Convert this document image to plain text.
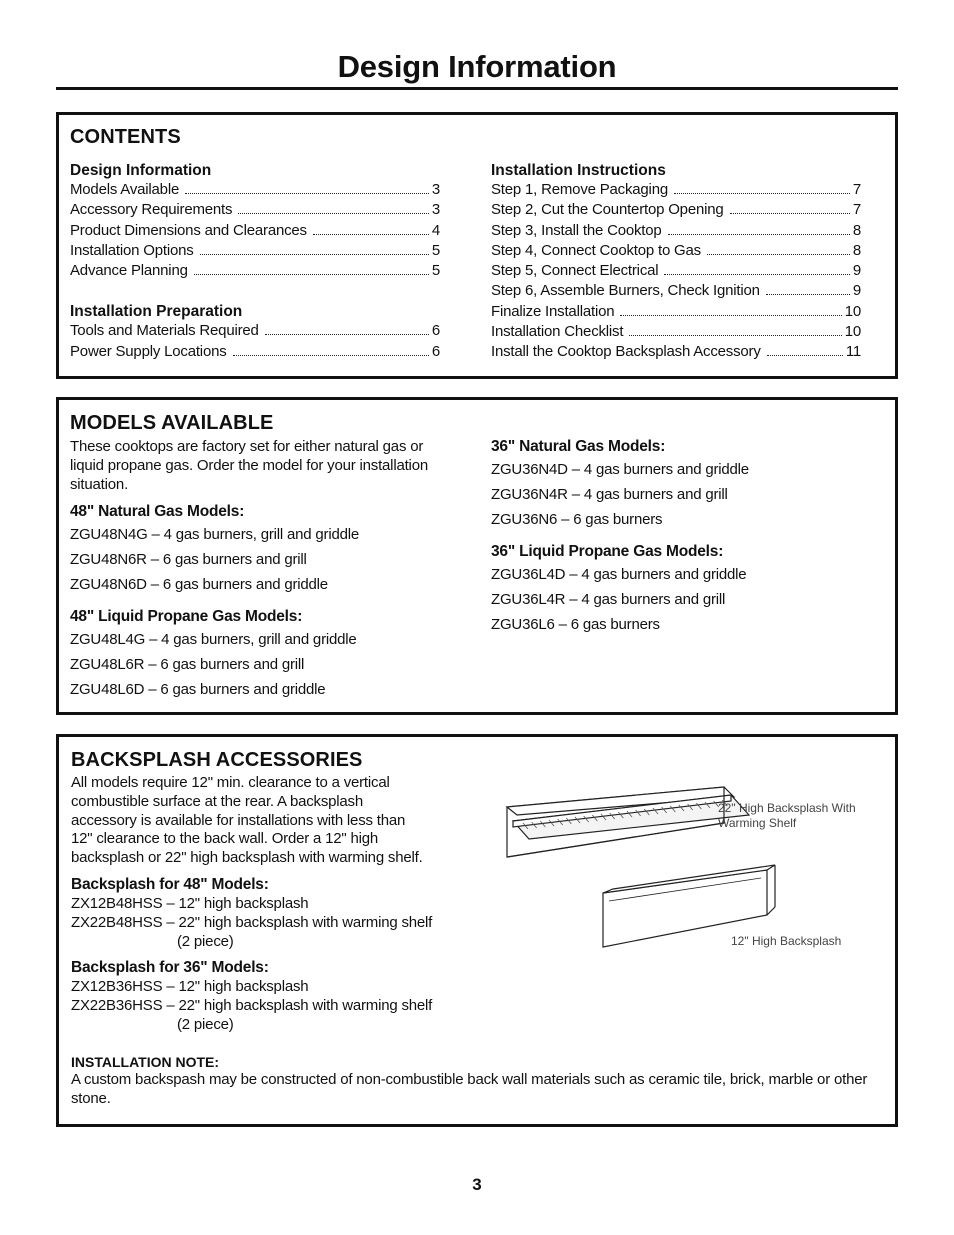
Design Information
CONTENTS
Design Information
Models Available	3
Accessory Requirements	3
Product Dimensions and Clearances	4
Installation Options	5
Advance Planning	5
Installation Preparation
Tools and Materials Required	6
Power Supply Locations	6
Installation Instructions
Step 1, Remove Packaging	7
Step 2, Cut the Countertop Opening	7
Step 3, Install the Cooktop	8
Step 4, Connect Cooktop to Gas	8
Step 5, Connect Electrical	9
Step 6, Assemble Burners, Check Ignition	9
Finalize Installation	10
Installation Checklist	10
Install the Cooktop Backsplash Accessory	11
MODELS AVAILABLE
These cooktops are factory set for either natural gas or liquid propane gas. Order the model for your installation situation.
48" Natural Gas Models:
ZGU48N4G – 4 gas burners, grill and griddle
ZGU48N6R – 6 gas burners and grill
ZGU48N6D – 6 gas burners and griddle
48" Liquid Propane Gas Models:
ZGU48L4G – 4 gas burners, grill and griddle
ZGU48L6R – 6 gas burners and grill
ZGU48L6D – 6 gas burners and griddle
36" Natural Gas Models:
ZGU36N4D – 4 gas burners and griddle
ZGU36N4R – 4 gas burners and grill
ZGU36N6 – 6 gas burners
36" Liquid Propane Gas Models:
ZGU36L4D – 4 gas burners and griddle
ZGU36L4R – 4 gas burners and grill
ZGU36L6 – 6 gas burners
BACKSPLASH ACCESSORIES
All models require 12" min. clearance to a vertical
combustible surface at the rear. A backsplash
accessory is available for installations with less than
12" clearance to the back wall. Order a 12" high
backsplash or 22" high backsplash with warming shelf.
Backsplash for 48" Models:
ZX12B48HSS – 12" high backsplash
ZX22B48HSS – 22" high backsplash with warming shelf
(2 piece)
Backsplash for 36" Models:
ZX12B36HSS – 12" high backsplash
ZX22B36HSS – 22" high backsplash with warming shelf
(2 piece)
22" High Backsplash With
Warming Shelf
12" High Backsplash
INSTALLATION NOTE:
A custom backspash may be constructed of non-combustible back wall materials such as ceramic tile, brick, marble or other stone.
3
